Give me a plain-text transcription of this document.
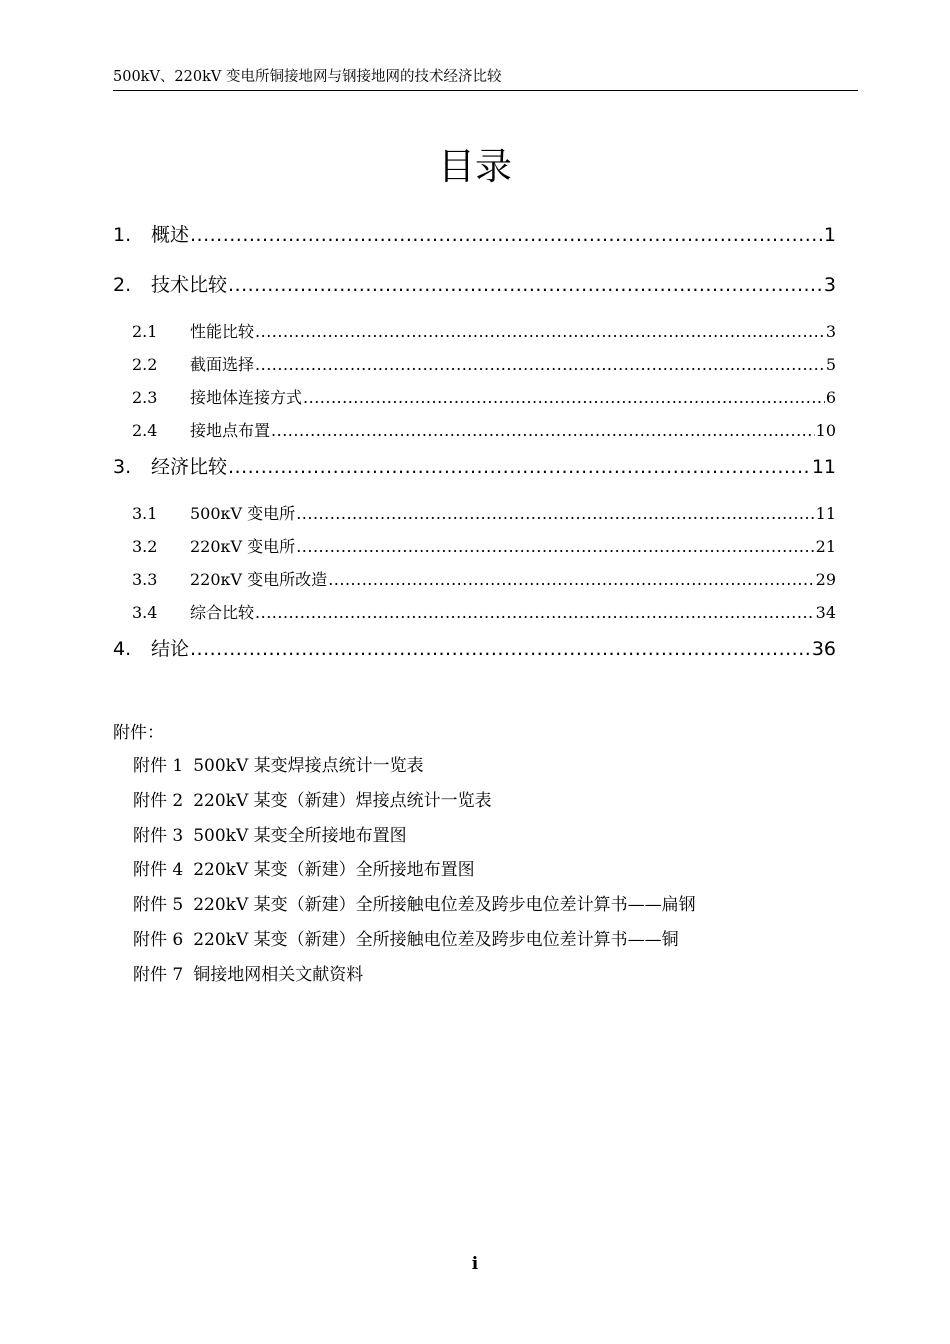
500kV、220kV 变电所铜接地网与钢接地网的技术经济比较
目录
1.	概述 .....	1
2.	技术比较 .....	3
2.1	性能比较 .....	3
2.2	截面选择 .....	5
2.3	接地体连接方式 .....	6
2.4	接地点布置 .....	10
3.	经济比较 .....	11
3.1	500κV 变电所 .....	11
3.2	220κV 变电所 .....	21
3.3	220κV 变电所改造 .....	29
3.4	综合比较 .....	34
4.	结论 .....	36
附件：
附件 1 500kV 某变焊接点统计一览表
附件 2 220kV 某变（新建）焊接点统计一览表
附件 3 500kV 某变全所接地布置图
附件 4 220kV 某变（新建）全所接地布置图
附件 5 220kV 某变（新建）全所接触电位差及跨步电位差计算书——扁钢
附件 6 220kV 某变（新建）全所接触电位差及跨步电位差计算书——铜
附件 7 铜接地网相关文献资料
i
